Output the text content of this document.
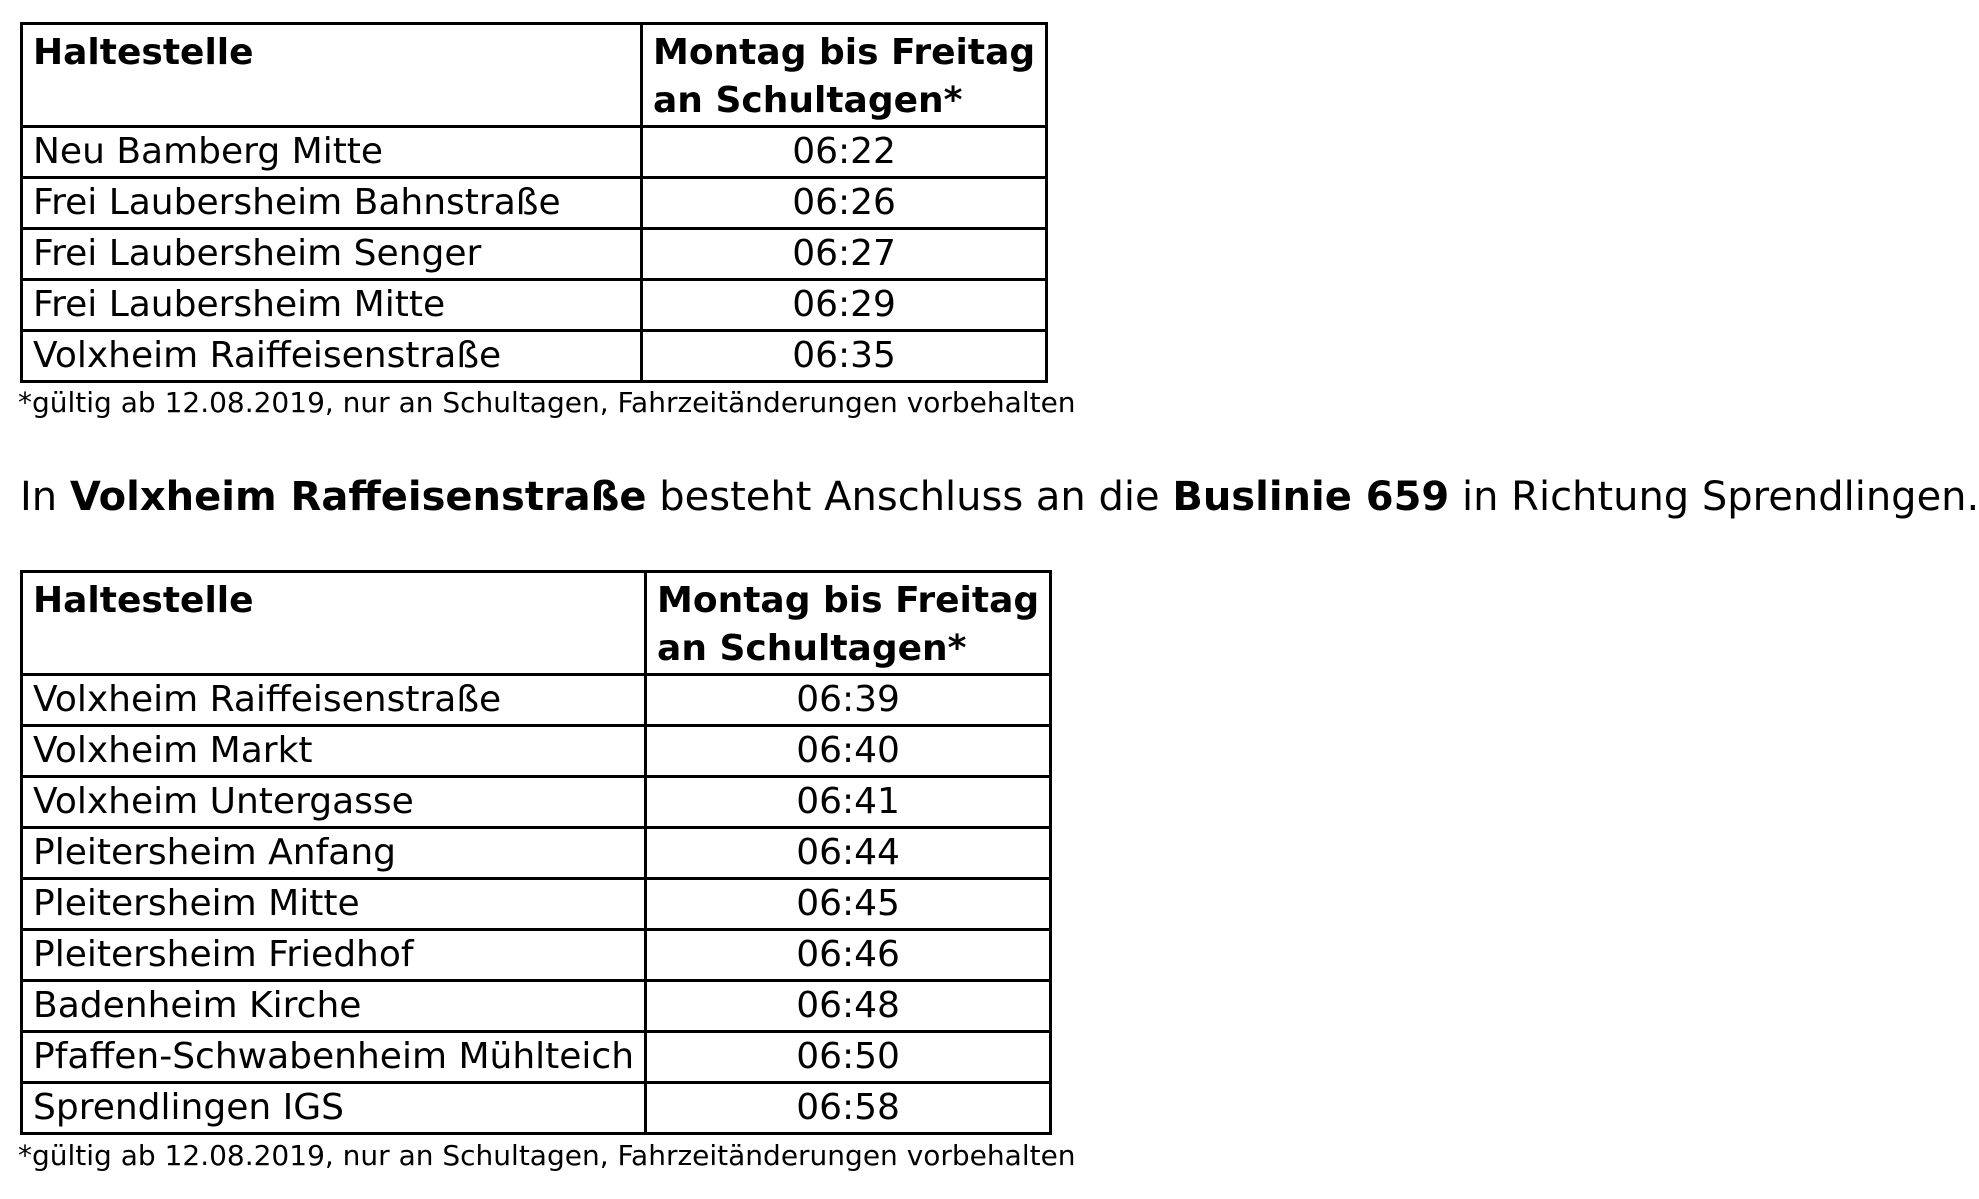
Haltestelle	Montag bis Freitag
an Schultagen*
Neu Bamberg Mitte	06:22
Frei Laubersheim Bahnstraße	06:26
Frei Laubersheim Senger	06:27
Frei Laubersheim Mitte	06:29
Volxheim Raiffeisenstraße	06:35
*gültig ab 12.08.2019, nur an Schultagen, Fahrzeitänderungen vorbehalten
In Volxheim Raffeisenstraße besteht Anschluss an die Buslinie 659 in Richtung Sprendlingen.
Haltestelle	Montag bis Freitag
an Schultagen*
Volxheim Raiffeisenstraße	06:39
Volxheim Markt	06:40
Volxheim Untergasse	06:41
Pleitersheim Anfang	06:44
Pleitersheim Mitte	06:45
Pleitersheim Friedhof	06:46
Badenheim Kirche	06:48
Pfaffen-Schwabenheim Mühlteich	06:50
Sprendlingen IGS	06:58
*gültig ab 12.08.2019, nur an Schultagen, Fahrzeitänderungen vorbehalten
